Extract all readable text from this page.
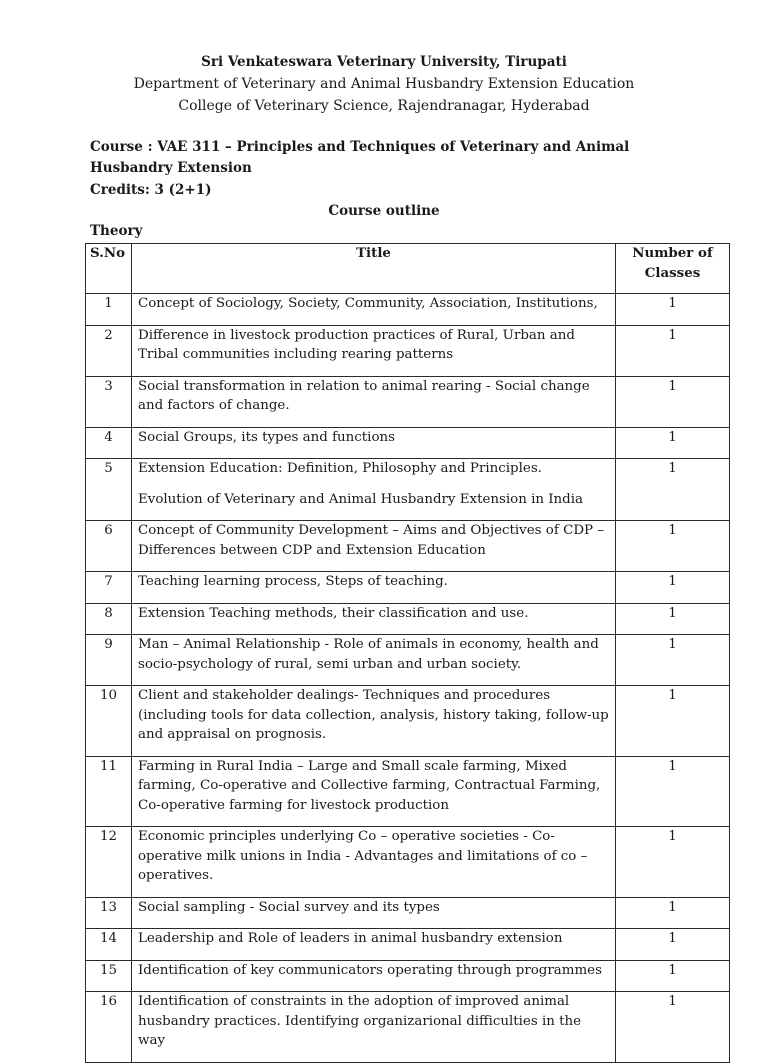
Sri Venkateswara Veterinary University, Tirupati
Department of Veterinary and Animal Husbandry Extension Education
College of Veterinary Science, Rajendranagar, Hyderabad
Course : VAE 311 – Principles and Techniques of Veterinary and Animal Husbandry Extension
Credits: 3 (2+1)
Course outline
Theory
S.No	Title	Number of Classes
1	Concept of Sociology, Society, Community, Association, Institutions,	1
2	Difference in livestock production practices of Rural, Urban and Tribal communities including rearing patterns	1
3	Social transformation in relation to animal rearing - Social change and factors of change.	1
4	Social Groups, its types and functions	1
5	Extension Education: Definition, Philosophy and Principles.
Evolution of Veterinary and Animal Husbandry Extension in India	1
6	Concept of Community Development – Aims and Objectives of CDP – Differences between CDP and Extension Education	1
7	Teaching learning process, Steps of teaching.	1
8	Extension Teaching methods, their classification and use.	1
9	Man – Animal Relationship - Role of animals in economy, health and socio-psychology of rural, semi urban and urban society.	1
10	Client and stakeholder dealings- Techniques and procedures (including tools for data collection, analysis, history taking, follow-up and appraisal on prognosis.	1
11	Farming in Rural India – Large and Small scale farming, Mixed farming, Co-operative and Collective farming, Contractual Farming, Co-operative farming for livestock production	1
12	Economic principles underlying Co – operative societies - Co-operative milk unions in India - Advantages and limitations of co – operatives.	1
13	Social sampling - Social survey and its types	1
14	Leadership and Role of leaders in animal husbandry extension	1
15	Identification of key communicators operating through programmes	1
16	Identification of constraints in the adoption of improved animal husbandry practices. Identifying organizarional difficulties in the way	1
